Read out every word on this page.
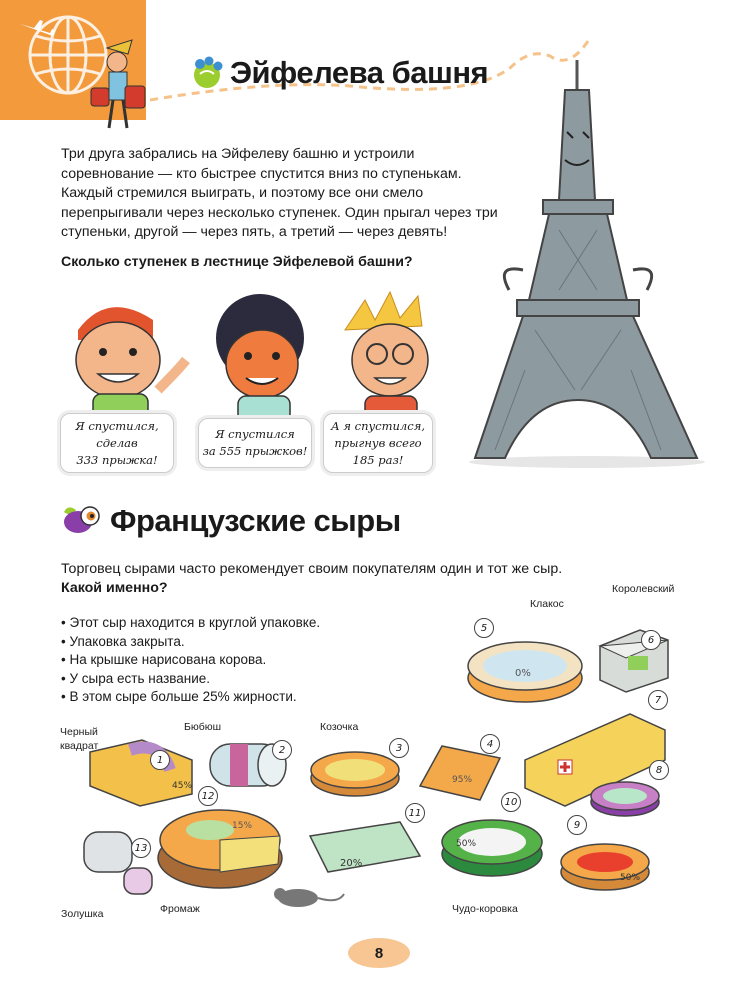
Эйфелева башня
Три друга забрались на Эйфелеву башню и устроили
соревнование — кто быстрее спустится вниз по ступенькам.
Каждый стремился выиграть, и поэтому все они смело
перепрыгивали через несколько ступенек. Один прыгал через три
ступеньки, другой — через пять, а третий — через девять!
Сколько ступенек в лестнице Эйфелевой башни?
Я спустился,
сделав
333 прыжка!
Я спустился
за 555 прыжков!
А я спустился,
прыгнув всего
185 раз!
Французские сыры
Торговец сырами часто рекомендует своим покупателям один и тот же сыр.
Какой именно?
• Этот сыр находится в круглой упаковке.
• Упаковка закрыта.
• На крышке нарисована корова.
• У сыра есть название.
• В этом сыре больше 25% жирности.
Клакос
Королевский
Черный
квадрат
Бюбюш	Козочка
Фромаж
Золушка	Чудо-коровка
0%
45%
95%
15%
20%
50%
50%
5
6
1
2	3	4
7
8
9
10
11
12
13
8
